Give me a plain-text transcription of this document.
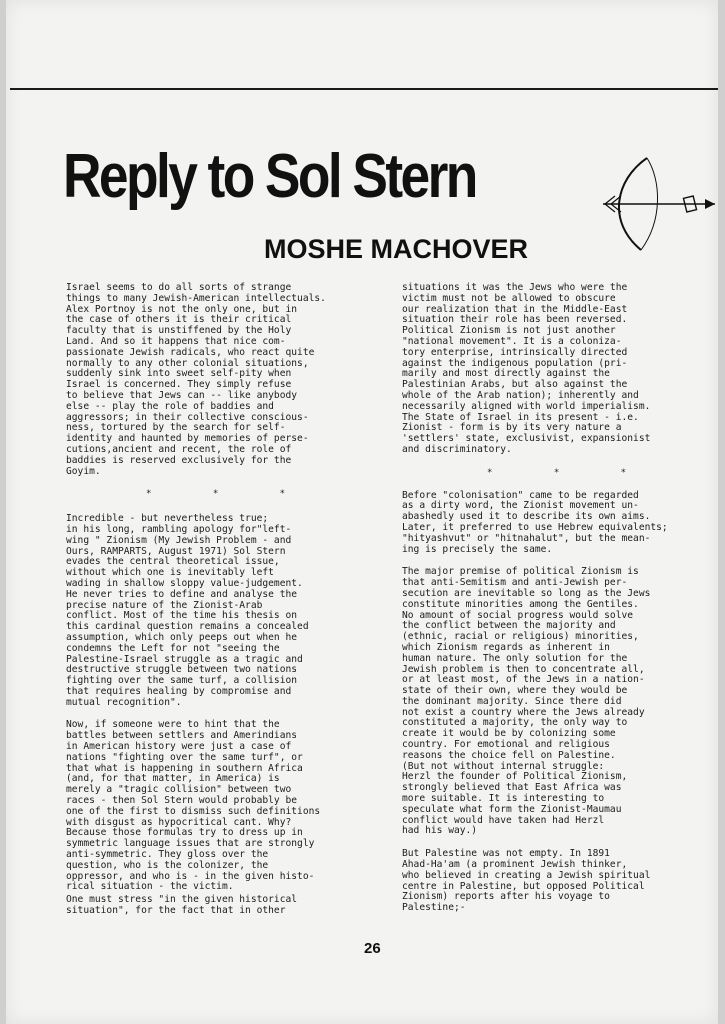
Reply to Sol Stern
MOSHE MACHOVER
Israel seems to do all sorts of strange
things to many Jewish-American intellectuals.
Alex Portnoy is not the only one, but in
the case of others it is their critical
faculty that is unstiffened by the Holy
Land. And so it happens that nice com-
passionate Jewish radicals, who react quite
normally to any other colonial situations,
suddenly sink into sweet self-pity when
Israel is concerned. They simply refuse
to believe that Jews can -- like anybody
else -- play the role of baddies and
aggressors; in their collective conscious-
ness, tortured by the search for self-
identity and haunted by memories of perse-
cutions,ancient and recent, the role of
baddies is reserved exclusively for the
Goyim.
* * *
Incredible - but nevertheless true;
in his long, rambling apology for"left-
wing " Zionism (My Jewish Problem - and
Ours, RAMPARTS, August 1971) Sol Stern
evades the central theoretical issue,
without which one is inevitably left
wading in shallow sloppy value-judgement.
He never tries to define and analyse the
precise nature of the Zionist-Arab
conflict. Most of the time his thesis on
this cardinal question remains a concealed
assumption, which only peeps out when he
condemns the Left for not "seeing the
Palestine-Israel struggle as a tragic and
destructive struggle between two nations
fighting over the same turf, a collision
that requires healing by compromise and
mutual recognition".
Now, if someone were to hint that the
battles between settlers and Amerindians
in American history were just a case of
nations "fighting over the same turf", or
that what is happening in southern Africa
(and, for that matter, in America) is
merely a "tragic collision" between two
races - then Sol Stern would probably be
one of the first to dismiss such definitions
with disgust as hypocritical cant. Why?
Because those formulas try to dress up in
symmetric language issues that are strongly
anti-symmetric. They gloss over the
question, who is the colonizer, the
oppressor, and who is - in the given histo-
rical situation - the victim.
One must stress "in the given historical
situation", for the fact that in other
situations it was the Jews who were the
victim must not be allowed to obscure
our realization that in the Middle-East
situation their role has been reversed.
Political Zionism is not just another
"national movement". It is a coloniza-
tory enterprise, intrinsically directed
against the indigenous population (pri-
marily and most directly against the
Palestinian Arabs, but also against the
whole of the Arab nation); inherently and
necessarily aligned with world imperialism.
The State of Israel in its present - i.e.
Zionist - form is by its very nature a
'settlers' state, exclusivist, expansionist
and discriminatory.
* * *
Before "colonisation" came to be regarded
as a dirty word, the Zionist movement un-
abashedly used it to describe its own aims.
Later, it preferred to use Hebrew equivalents;
"hityashvut" or "hitnahalut", but the mean-
ing is precisely the same.
The major premise of political Zionism is
that anti-Semitism and anti-Jewish per-
secution are inevitable so long as the Jews
constitute minorities among the Gentiles.
No amount of social progress would solve
the conflict between the majority and
(ethnic, racial or religious) minorities,
which Zionism regards as inherent in
human nature. The only solution for the
Jewish problem is then to concentrate all,
or at least most, of the Jews in a nation-
state of their own, where they would be
the dominant majority. Since there did
not exist a country where the Jews already
constituted a majority, the only way to
create it would be by colonizing some
country. For emotional and religious
reasons the choice fell on Palestine.
(But not without internal struggle:
Herzl the founder of Political Zionism,
strongly believed that East Africa was
more suitable. It is interesting to
speculate what form the Zionist-Maumau
conflict would have taken had Herzl
had his way.)
But Palestine was not empty. In 1891
Ahad-Ha'am (a prominent Jewish thinker,
who believed in creating a Jewish spiritual
centre in Palestine, but opposed Political
Zionism) reports after his voyage to
Palestine;-
26
